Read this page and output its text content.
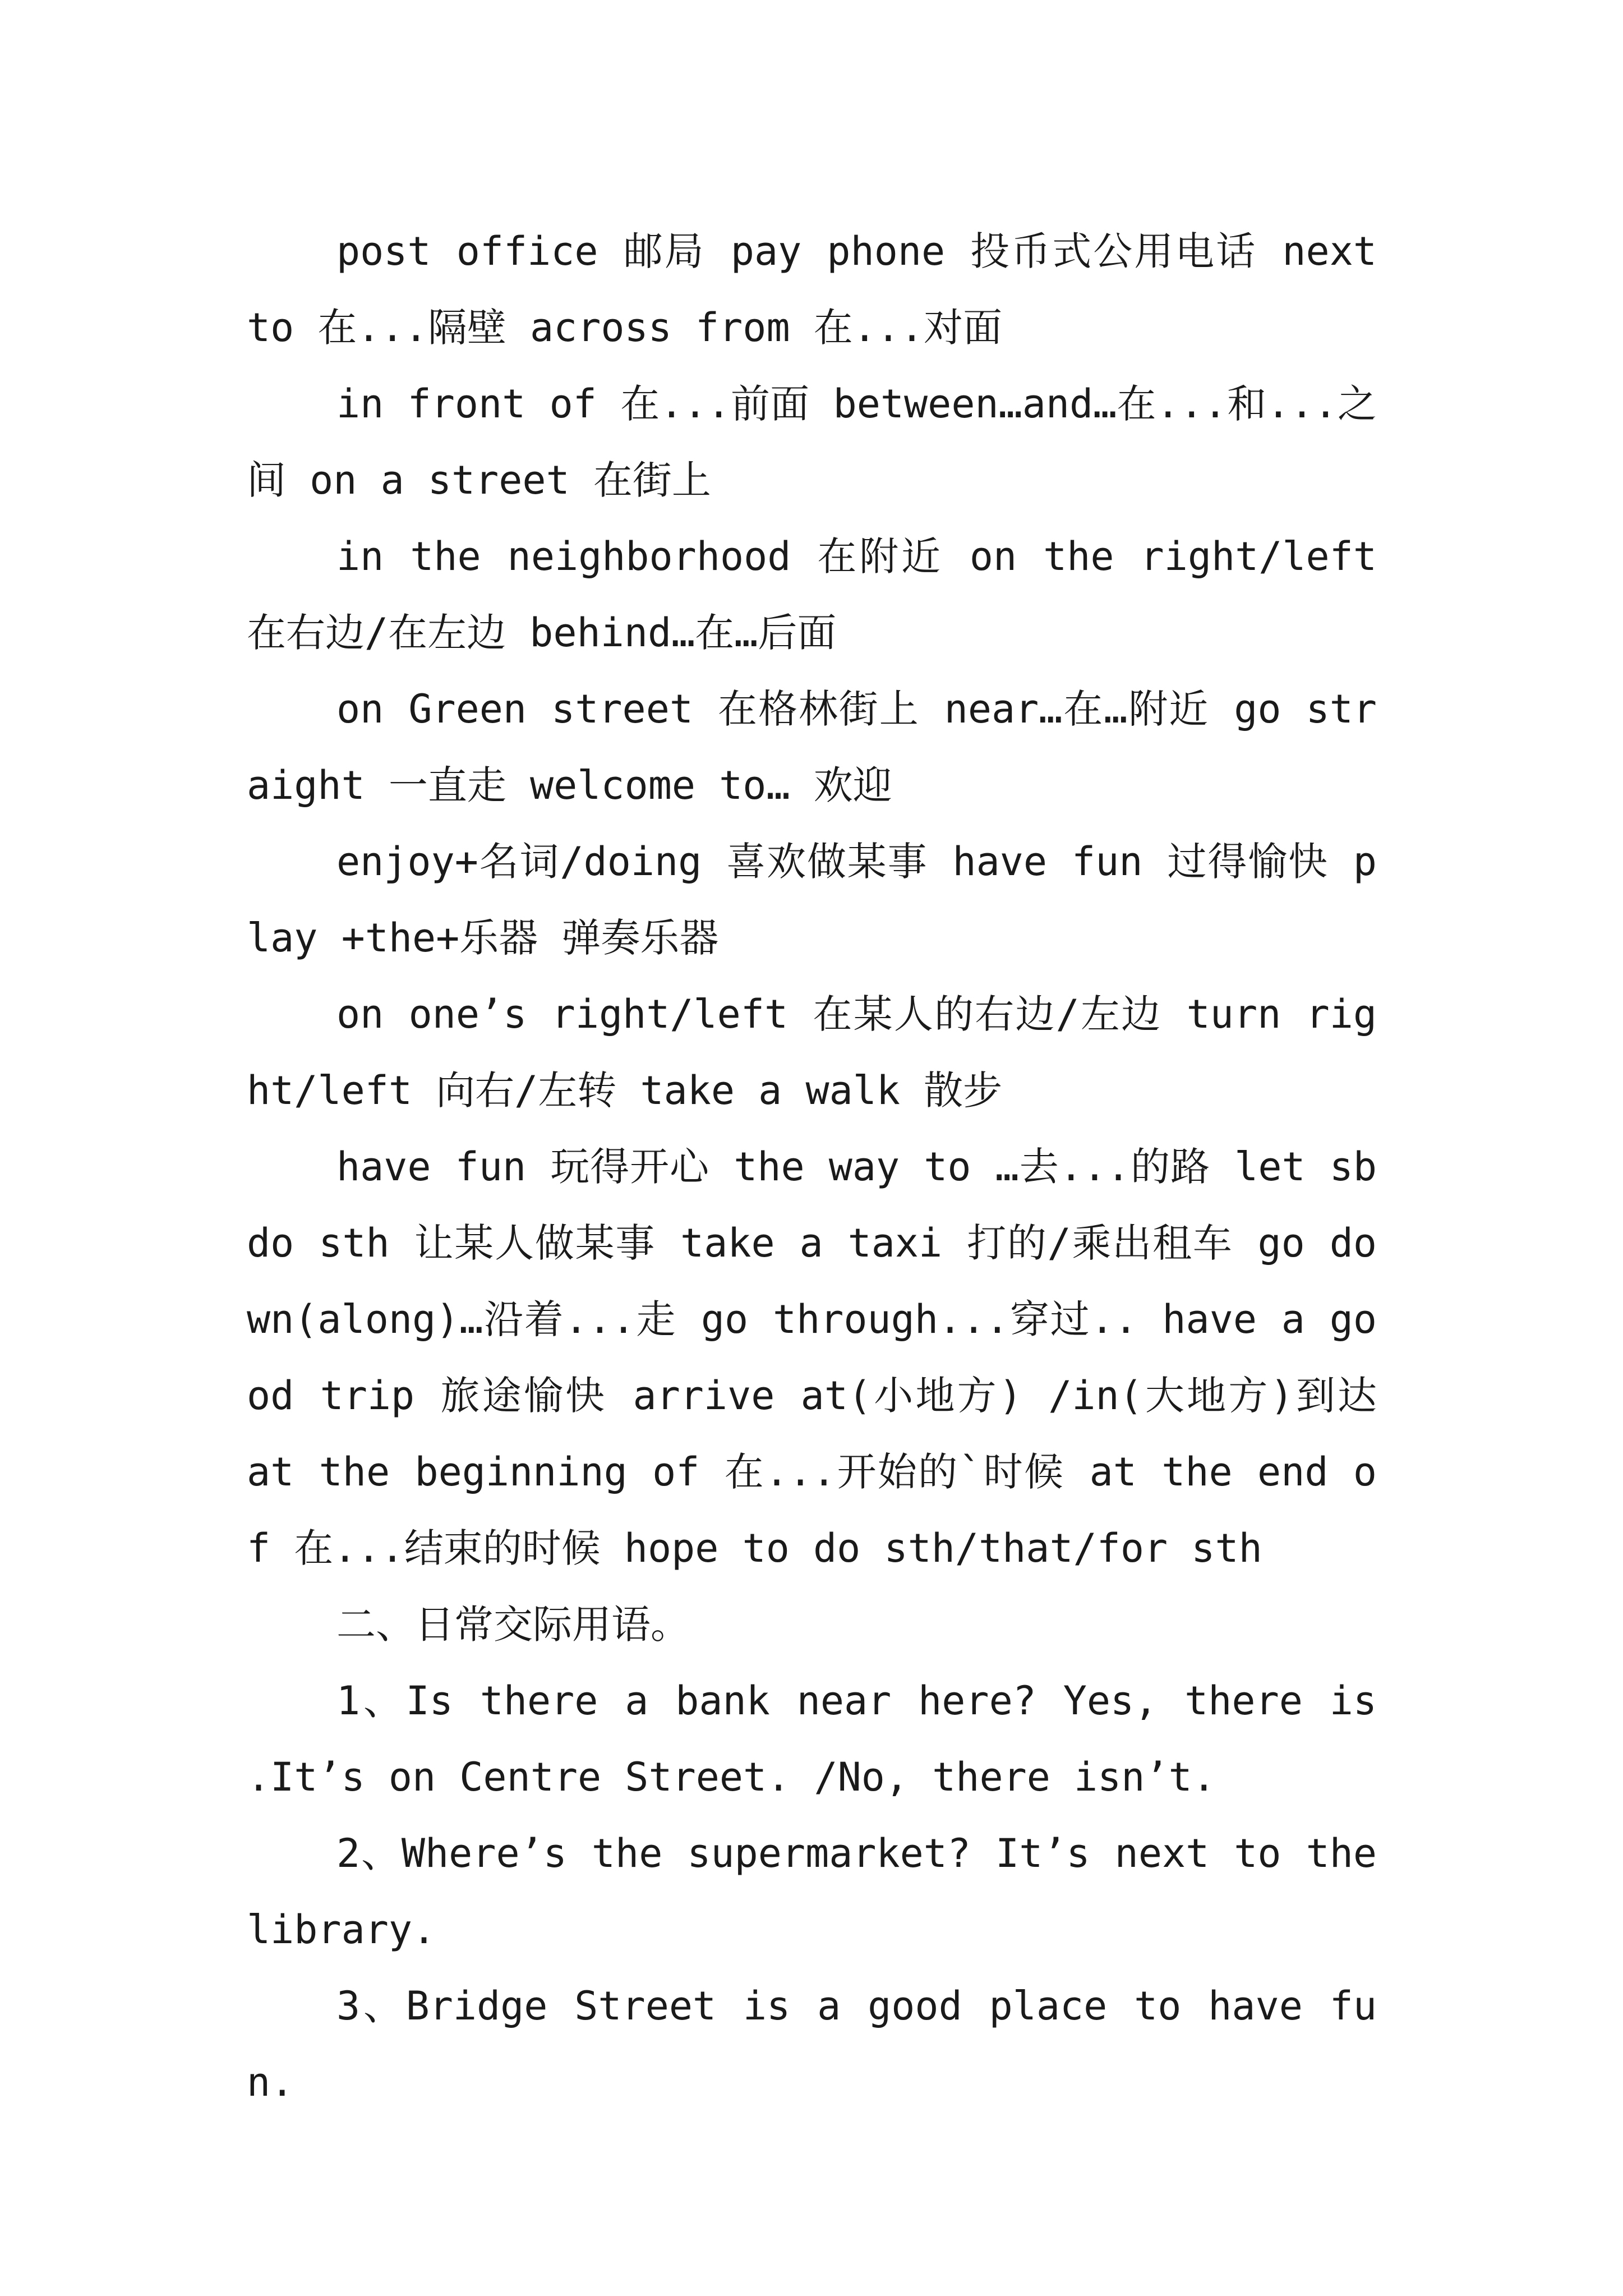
post office 邮局 pay phone 投币式公用电话 next to 在...隔壁 across from 在...对面

in front of 在...前面 between…and…在...和...之间 on a street 在街上

in the neighborhood 在附近 on the right/left 在右边/在左边 behind…在…后面

on Green street 在格林街上 near…在…附近 go straight 一直走 welcome to… 欢迎

enjoy+名词/doing 喜欢做某事 have fun 过得愉快 play +the+乐器 弹奏乐器

on one’s right/left 在某人的右边/左边 turn right/left 向右/左转 take a walk 散步

have fun 玩得开心 the way to …去...的路 let sb do sth 让某人做某事 take a taxi 打的/乘出租车 go down(along)…沿着...走 go through...穿过.. have a good trip 旅途愉快 arrive at(小地方) /in(大地方)到达 at the beginning of 在...开始的`时候 at the end of 在...结束的时候 hope to do sth/that/for sth

二、日常交际用语。

1、Is there a bank near here? Yes, there is .It’s on Centre Street. /No, there isn’t.

2、Where’s the supermarket? It’s next to the library.

3、Bridge Street is a good place to have fun.
